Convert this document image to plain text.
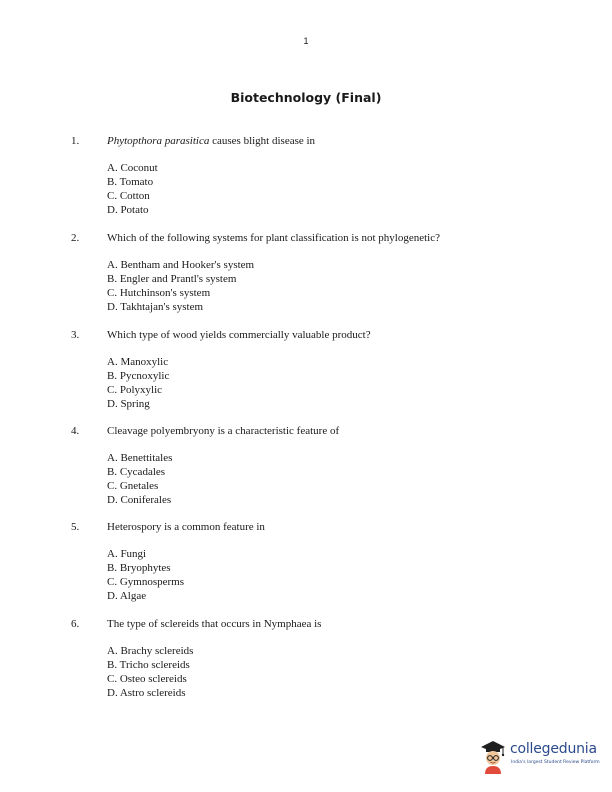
1
Biotechnology (Final)
1.	Phytopthora parasitica causes blight disease in
A. Coconut
B. Tomato
C. Cotton
D. Potato
2.	Which of the following systems for plant classification is not phylogenetic?
A. Bentham and Hooker's system
B. Engler and Prantl's system
C. Hutchinson's system
D. Takhtajan's system
3.	Which type of wood yields commercially valuable product?
A. Manoxylic
B. Pycnoxylic
C. Polyxylic
D. Spring
4.	Cleavage polyembryony is a characteristic feature of
A. Benettitales
B. Cycadales
C. Gnetales
D. Coniferales
5.	Heterospory is a common feature in
A. Fungi
B. Bryophytes
C. Gymnosperms
D. Algae
6.	The type of sclereids that occurs in Nymphaea is
A. Brachy sclereids
B. Tricho sclereids
C. Osteo sclereids
D. Astro sclereids
collegedunia
India's largest Student Review Platform
